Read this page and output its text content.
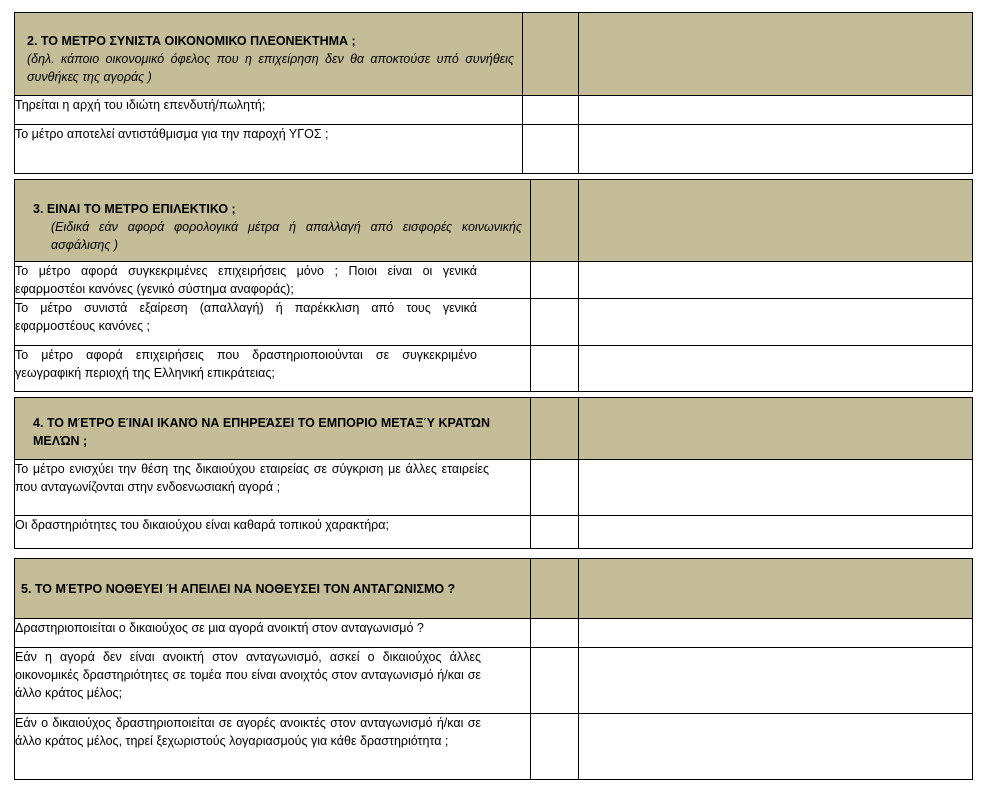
2. ΤΟ ΜΕΤΡΟ ΣΥΝΙΣΤΑ ΟΙΚΟΝΟΜΙΚΟ ΠΛΕΟΝΕΚΤΗΜΑ ;
(δηλ. κάποιο οικονομικό όφελος που η επιχείρηση δεν θα αποκτούσε υπό συνήθεις συνθήκες της αγοράς )		

Τηρείται η αρχή του ιδιώτη επενδυτή/πωλητή;		
Το μέτρο αποτελεί αντιστάθμισμα για την παροχή ΥΓΟΣ ;		
3. ΕΙΝΑΙ ΤΟ ΜΕΤΡΟ ΕΠΙΛΕΚΤΙΚΟ ;
(Ειδικά εάν αφορά φορολογικά μέτρα ή απαλλαγή από εισφορές κοινωνικής ασφάλισης )		

Το μέτρο αφορά συγκεκριμένες επιχειρήσεις μόνο ; Ποιοι είναι οι γενικά εφαρμοστέοι κανόνες (γενικό σύστημα αναφοράς);		

Το μέτρο συνιστά εξαίρεση (απαλλαγή) ή παρέκκλιση από τους γενικά εφαρμοστέους κανόνες ;		

Το μέτρο αφορά επιχειρήσεις που δραστηριοποιούνται σε συγκεκριμένο γεωγραφική περιοχή της Ελληνική επικράτειας;		

4. ΤΟ ΜΈΤΡΟ ΕΊΝΑΙ ΙΚΑΝΌ ΝΑ ΕΠΗΡΕΆΣΕΙ ΤΟ ΕΜΠΟΡΙΟ ΜΕΤΑΞΎ ΚΡΑΤΏΝ ΜΕΛΏΝ ;		

Το μέτρο ενισχύει την θέση της δικαιούχου εταιρείας σε σύγκριση με άλλες εταιρείες που ανταγωνίζονται στην ενδοενωσιακή αγορά ;		

Οι δραστηριότητες του δικαιούχου είναι καθαρά τοπικού χαρακτήρα;		
5. ΤΟ ΜΈΤΡΟ ΝΟΘΕΥΕΙ Ή ΑΠΕΙΛΕΙ ΝΑ ΝΟΘΕΥΣΕΙ ΤΟΝ ΑΝΤΑΓΩΝΙΣΜΟ ?		

Δραστηριοποιείται ο δικαιούχος σε μια αγορά ανοικτή στον ανταγωνισμό ?		

Εάν η αγορά δεν είναι ανοικτή στον ανταγωνισμό, ασκεί ο δικαιούχος άλλες οικονομικές δραστηριότητες σε τομέα που είναι ανοιχτός στον ανταγωνισμό ή/και σε άλλο κράτος μέλος;		

Εάν ο δικαιούχος δραστηριοποιείται σε αγορές ανοικτές στον ανταγωνισμό ή/και σε άλλο κράτος μέλος, τηρεί ξεχωριστούς λογαριασμούς για κάθε δραστηριότητα ;		
